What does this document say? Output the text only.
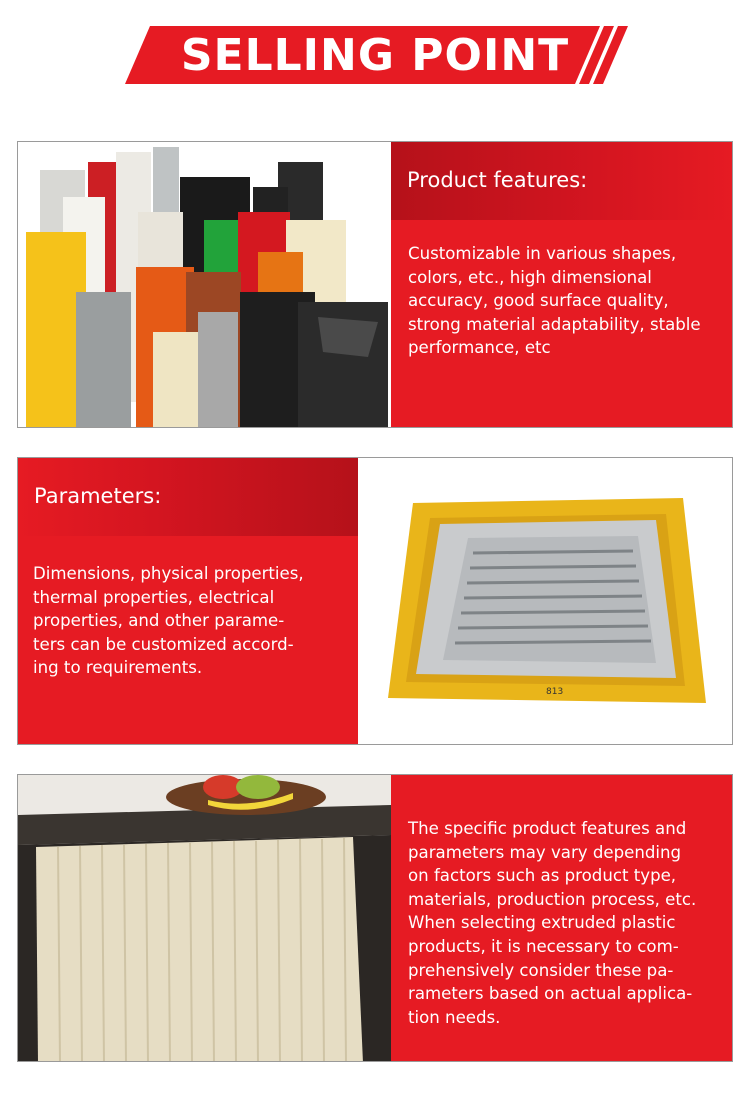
SELLING POINT
Product features:
Customizable in various shapes, colors, etc., high dimensional accuracy, good surface quality, strong material adaptability, stable performance, etc
Parameters:
Dimensions, physical properties,
thermal properties, electrical
properties, and other parame-
ters can be customized accord-
ing to requirements.
813
The specific product features and
parameters may vary depending
on factors such as product type,
materials, production process, etc.
When selecting extruded plastic
products, it is necessary to com-
prehensively consider these pa-
rameters based on actual applica-
tion needs.
